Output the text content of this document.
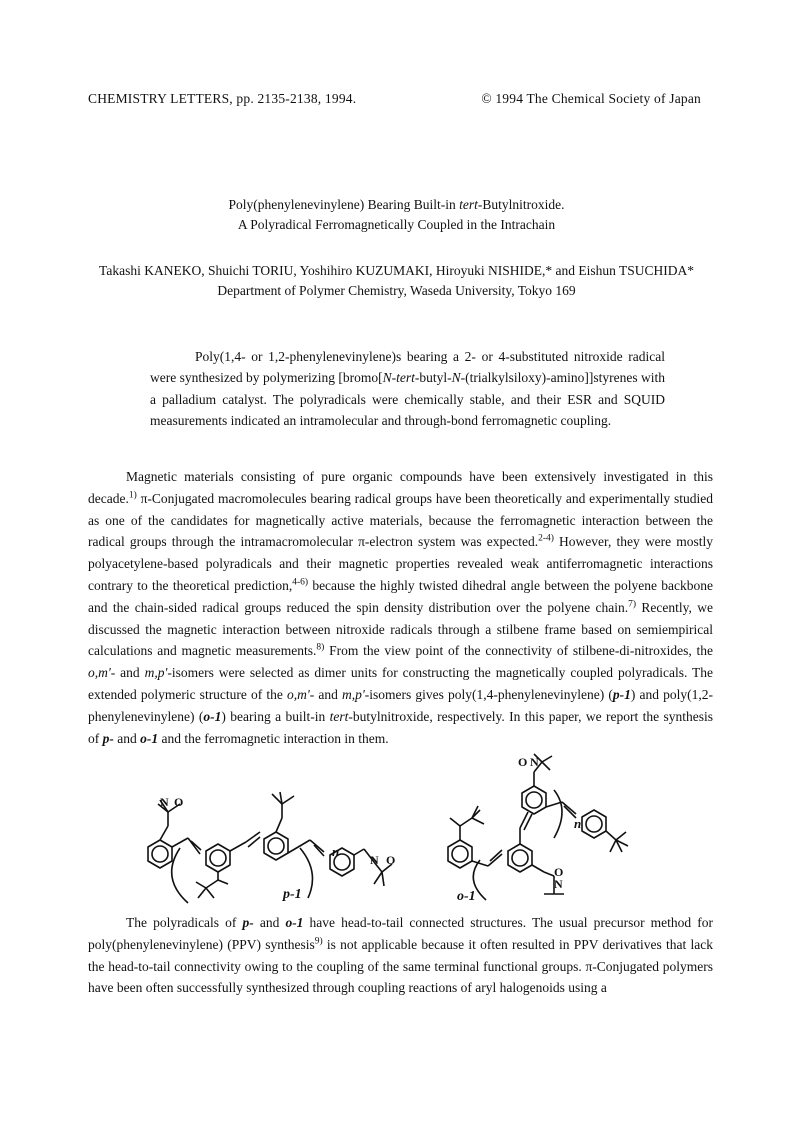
CHEMISTRY LETTERS, pp. 2135-2138, 1994.	© 1994 The Chemical Society of Japan
Poly(phenylenevinylene) Bearing Built-in tert-Butylnitroxide.
A Polyradical Ferromagnetically Coupled in the Intrachain
Takashi KANEKO, Shuichi TORIU, Yoshihiro KUZUMAKI, Hiroyuki NISHIDE,* and Eishun TSUCHIDA*
Department of Polymer Chemistry, Waseda University, Tokyo 169
Poly(1,4- or 1,2-phenylenevinylene)s bearing a 2- or 4-substituted nitroxide radical were synthesized by polymerizing [bromo[N-tert-butyl-N-(trialkylsiloxy)-amino]]styrenes with a palladium catalyst. The polyradicals were chemically stable, and their ESR and SQUID measurements indicated an intramolecular and through-bond ferromagnetic coupling.
Magnetic materials consisting of pure organic compounds have been extensively investigated in this decade.$^{1)}$ π-Conjugated macromolecules bearing radical groups have been theoretically and experimentally studied as one of the candidates for magnetically active materials, because the ferromagnetic interaction between the radical groups through the intramacromolecular π-electron system was expected.$^{2-4)}$ However, they were mostly polyacetylene-based polyradicals and their magnetic properties revealed weak antiferromagnetic interactions contrary to the theoretical prediction,$^{4-6)}$ because the highly twisted dihedral angle between the polyene backbone and the chain-sided radical groups reduced the spin density distribution over the polyene chain.$^{7)}$ Recently, we discussed the magnetic interaction between nitroxide radicals through a stilbene frame based on semiempirical calculations and magnetic measurements.$^{8)}$ From the view point of the connectivity of stilbene-di-nitroxides, the o,m'- and m,p'-isomers were selected as dimer units for constructing the magnetically coupled polyradicals. The extended polymeric structure of the o,m'- and m,p'-isomers gives poly(1,4-phenylenevinylene) (p-1) and poly(1,2-phenylenevinylene) (o-1) bearing a built-in tert-butylnitroxide, respectively. In this paper, we report the synthesis of p- and o-1 and the ferromagnetic interaction in them.
N O
N O
N
O
N
O
n
n
p-1	o-1
The polyradicals of p- and o-1 have head-to-tail connected structures. The usual precursor method for poly(phenylenevinylene) (PPV) synthesis$^{9)}$ is not applicable because it often resulted in PPV derivatives that lack the head-to-tail connectivity owing to the coupling of the same terminal functional groups. π-Conjugated polymers have been often successfully synthesized through coupling reactions of aryl halogenoids using a
